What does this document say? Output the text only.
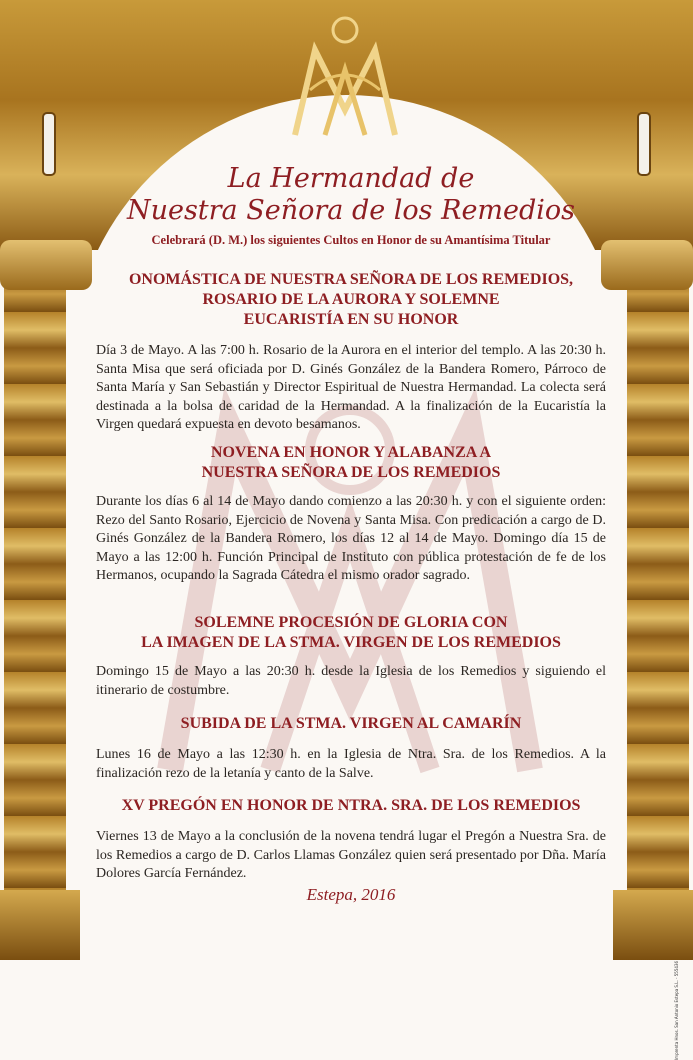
La Hermandad de
Nuestra Señora de los Remedios
Celebrará (D. M.) los siguientes Cultos en Honor de su Amantísima Titular
ONOMÁSTICA DE NUESTRA SEÑORA DE LOS REMEDIOS,
ROSARIO DE LA AURORA Y SOLEMNE
EUCARISTÍA EN SU HONOR
Día 3 de Mayo. A las 7:00 h. Rosario de la Aurora en el interior del templo. A las 20:30 h. Santa Misa que será oficiada por D. Ginés González de la Bandera Romero, Párroco de Santa María y San Sebastián y Director Espiritual de Nuestra Hermandad. La colecta será destinada a la bolsa de caridad de la Hermandad. A la finalización de la Eucaristía la Virgen quedará expuesta en devoto besamanos.
NOVENA EN HONOR Y ALABANZA A
NUESTRA SEÑORA DE LOS REMEDIOS
Durante los días 6 al 14 de Mayo dando comienzo a las 20:30 h. y con el siguiente orden: Rezo del Santo Rosario, Ejercicio de Novena y Santa Misa. Con predicación a cargo de D. Ginés González de la Bandera Romero, los días 12 al 14 de Mayo. Domingo día 15 de Mayo a las 12:00 h. Función Principal de Instituto con pública protestación de fe de los Hermanos, ocupando la Sagrada Cátedra el mismo orador sagrado.
SOLEMNE PROCESIÓN DE GLORIA CON
LA IMAGEN DE LA STMA. VIRGEN DE LOS REMEDIOS
Domingo 15 de Mayo a las 20:30 h. desde la Iglesia de los Remedios y siguiendo el itinerario de costumbre.
SUBIDA DE LA STMA. VIRGEN AL CAMARÍN
Lunes 16 de Mayo a las 12:30 h. en la Iglesia de Ntra. Sra. de los Remedios. A la finalización rezo de la letanía y canto de la Salve.
XV PREGÓN EN HONOR DE NTRA. SRA. DE LOS REMEDIOS
Viernes 13 de Mayo a la conclusión de la novena tendrá lugar el Pregón a Nuestra Sra. de los Remedios a cargo de D. Carlos Llamas González quien será presentado por Dña. María Dolores García Fernández.
Estepa, 2016
Imprenta Hnos. San Antonio Estepa S.L. - 555436
